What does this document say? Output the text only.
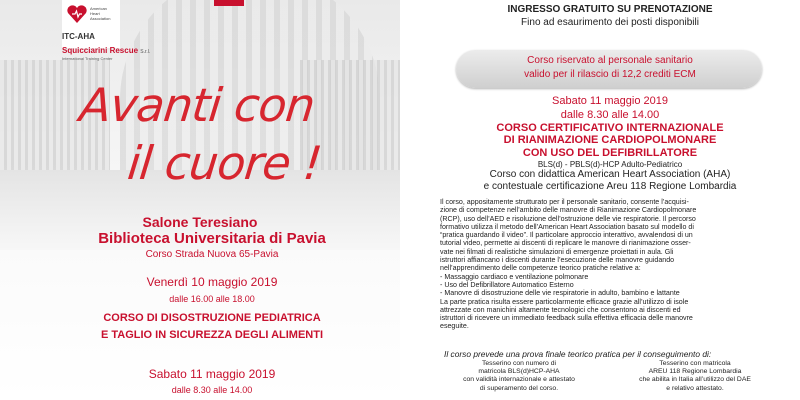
American Heart Association
ITC-AHA
Squicciarini Rescue S.r.l.
International Training Center
Avanti con
il cuore !
Salone Teresiano
Biblioteca Universitaria di Pavia
Corso Strada Nuova 65-Pavia
Venerdì 10 maggio 2019
dalle 16.00 alle 18.00
CORSO DI DISOSTRUZIONE PEDIATRICA
E TAGLIO IN SICUREZZA DEGLI ALIMENTI
Sabato 11 maggio 2019
dalle 8.30 alle 14.00
INGRESSO GRATUITO SU PRENOTAZIONE
Fino ad esaurimento dei posti disponibili
Corso riservato al personale sanitario
valido per il rilascio di 12,2 crediti ECM
Sabato 11 maggio 2019
dalle 8.30 alle 14.00
CORSO CERTIFICATIVO INTERNAZIONALE
DI RIANIMAZIONE CARDIOPOLMONARE
CON USO DEL DEFIBRILLATORE
BLS(d) - PBLS(d)-HCP Adulto-Pediatrico
Corso con didattica American Heart Association (AHA)
e contestuale certificazione Areu 118 Regione Lombardia
Il corso, appositamente strutturato per il personale sanitario, consente l’acquisi-
zione di competenze nell’ambito delle manovre di Rianimazione Cardiopolmonare
(RCP), uso dell’AED e risoluzione dell’ostruzione delle vie respiratorie. Il percorso
formativo utilizza il metodo dell’American Heart Association basato sul modello di
“pratica guardando il video”. Il particolare approccio interattivo, avvalendosi di un
tutorial video, permette ai discenti di replicare le manovre di rianimazione osser-
vate nei filmati di realistiche simulazioni di emergenze proiettati in aula. Gli
istruttori affiancano i discenti durante l’esecuzione delle manovre guidando
nell’apprendimento delle competenze teorico pratiche relative a:
- Massaggio cardiaco e ventilazione polmonare
- Uso del Defibrillatore Automatico Esterno
- Manovre di disostruzione delle vie respiratorie in adulto, bambino e lattante
La parte pratica risulta essere particolarmente efficace grazie all’utilizzo di isole
attrezzate con manichini altamente tecnologici che consentono ai discenti ed
istruttori di ricevere un immediato feedback sulla effettiva efficacia delle manovre
eseguite.
Il corso prevede una prova finale teorico pratica per il conseguimento di:
Tesserino con numero di
matricola BLS(d)HCP-AHA
con validità internazionale e attestato
di superamento del corso.
Tesserino con matricola
AREU 118 Regione Lombardia
che abilita in Italia all’utilizzo del DAE
e relativo attestato.
